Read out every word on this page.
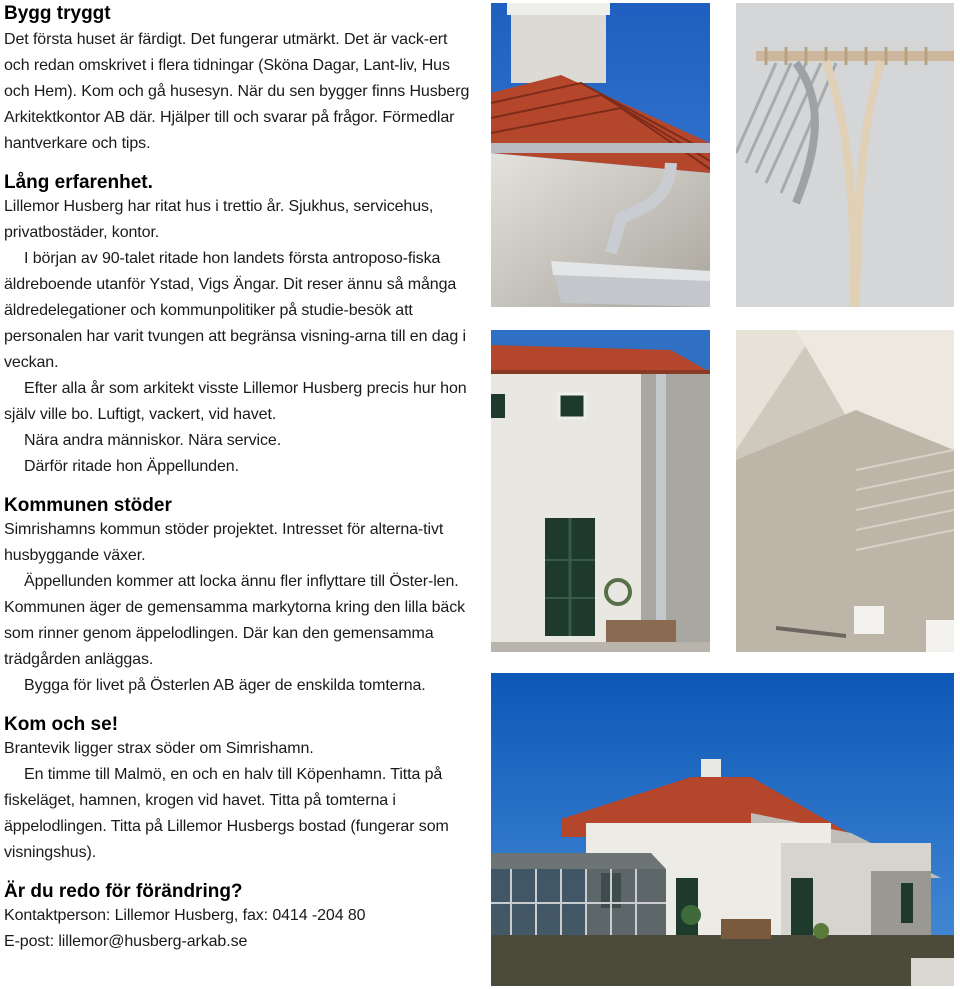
Bygg tryggt

Det första huset är färdigt. Det fungerar utmärkt. Det är vack-ert och redan omskrivet i flera tidningar (Sköna Dagar, Lant-liv, Hus och Hem). Kom och gå husesyn. När du sen bygger finns Husberg Arkitektkontor AB där. Hjälper till och svarar på frågor. Förmedlar hantverkare och tips.

Lång erfarenhet.

Lillemor Husberg har ritat hus i trettio år. Sjukhus, servicehus, privatbostäder, kontor.

I början av 90-talet ritade hon landets första antroposo-fiska äldreboende utanför Ystad, Vigs Ängar. Dit reser ännu så många äldredelegationer och kommunpolitiker på studie-besök att personalen har varit tvungen att begränsa visning-arna till en dag i veckan.

Efter alla år som arkitekt visste Lillemor Husberg precis hur hon själv ville bo. Luftigt, vackert, vid havet.

Nära andra människor. Nära service.

Därför ritade hon Äppellunden.

Kommunen stöder

Simrishamns kommun stöder projektet. Intresset för alterna-tivt husbyggande växer.

Äppellunden kommer att locka ännu fler inflyttare till Öster-len. Kommunen äger de gemensamma markytorna kring den lilla bäck som rinner genom äppelodlingen. Där kan den gemensamma trädgården anläggas.

Bygga för livet på Österlen AB äger de enskilda tomterna.

Kom och se!

Brantevik ligger strax söder om Simrishamn.

En timme till Malmö, en och en halv till Köpenhamn. Titta på fiskeläget, hamnen, krogen vid havet. Titta på tomterna i äppelodlingen. Titta på Lillemor Husbergs bostad (fungerar som visningshus).

Är du redo för förändring?

Kontaktperson: Lillemor Husberg, fax: 0414 -204 80

E-post: lillemor@husberg-arkab.se
